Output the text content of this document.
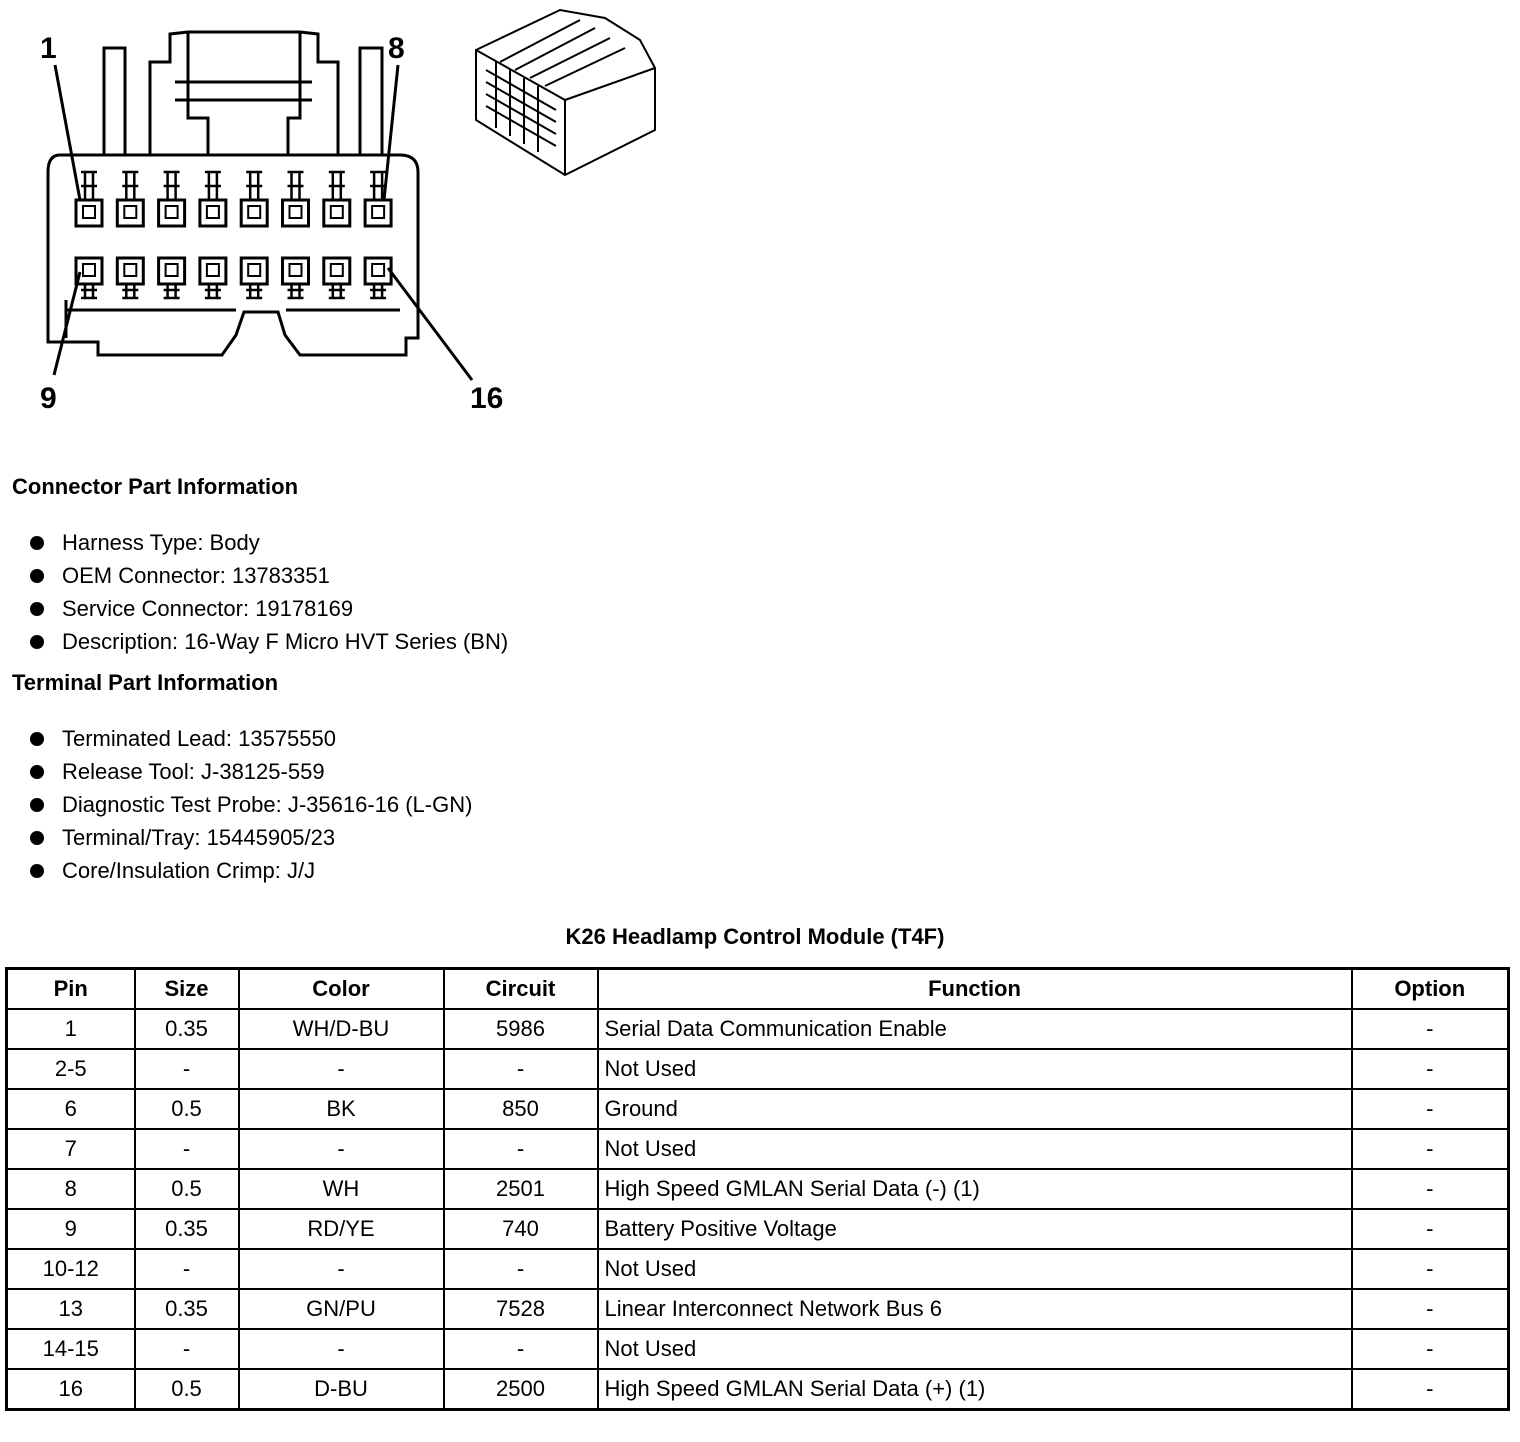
1	8
9	16
Connector Part Information
Harness Type: Body
OEM Connector: 13783351
Service Connector: 19178169
Description: 16-Way F Micro HVT Series (BN)
Terminal Part Information
Terminated Lead: 13575550
Release Tool: J-38125-559
Diagnostic Test Probe: J-35616-16 (L-GN)
Terminal/Tray: 15445905/23
Core/Insulation Crimp: J/J
K26 Headlamp Control Module (T4F)
Pin	Size	Color	Circuit	Function	Option
1	0.35	WH/D-BU	5986	Serial Data Communication Enable	-
2-5	-	-	-	Not Used	-
6	0.5	BK	850	Ground	-
7	-	-	-	Not Used	-
8	0.5	WH	2501	High Speed GMLAN Serial Data (-) (1)	-
9	0.35	RD/YE	740	Battery Positive Voltage	-
10-12	-	-	-	Not Used	-
13	0.35	GN/PU	7528	Linear Interconnect Network Bus 6	-
14-15	-	-	-	Not Used	-
16	0.5	D-BU	2500	High Speed GMLAN Serial Data (+) (1)	-
